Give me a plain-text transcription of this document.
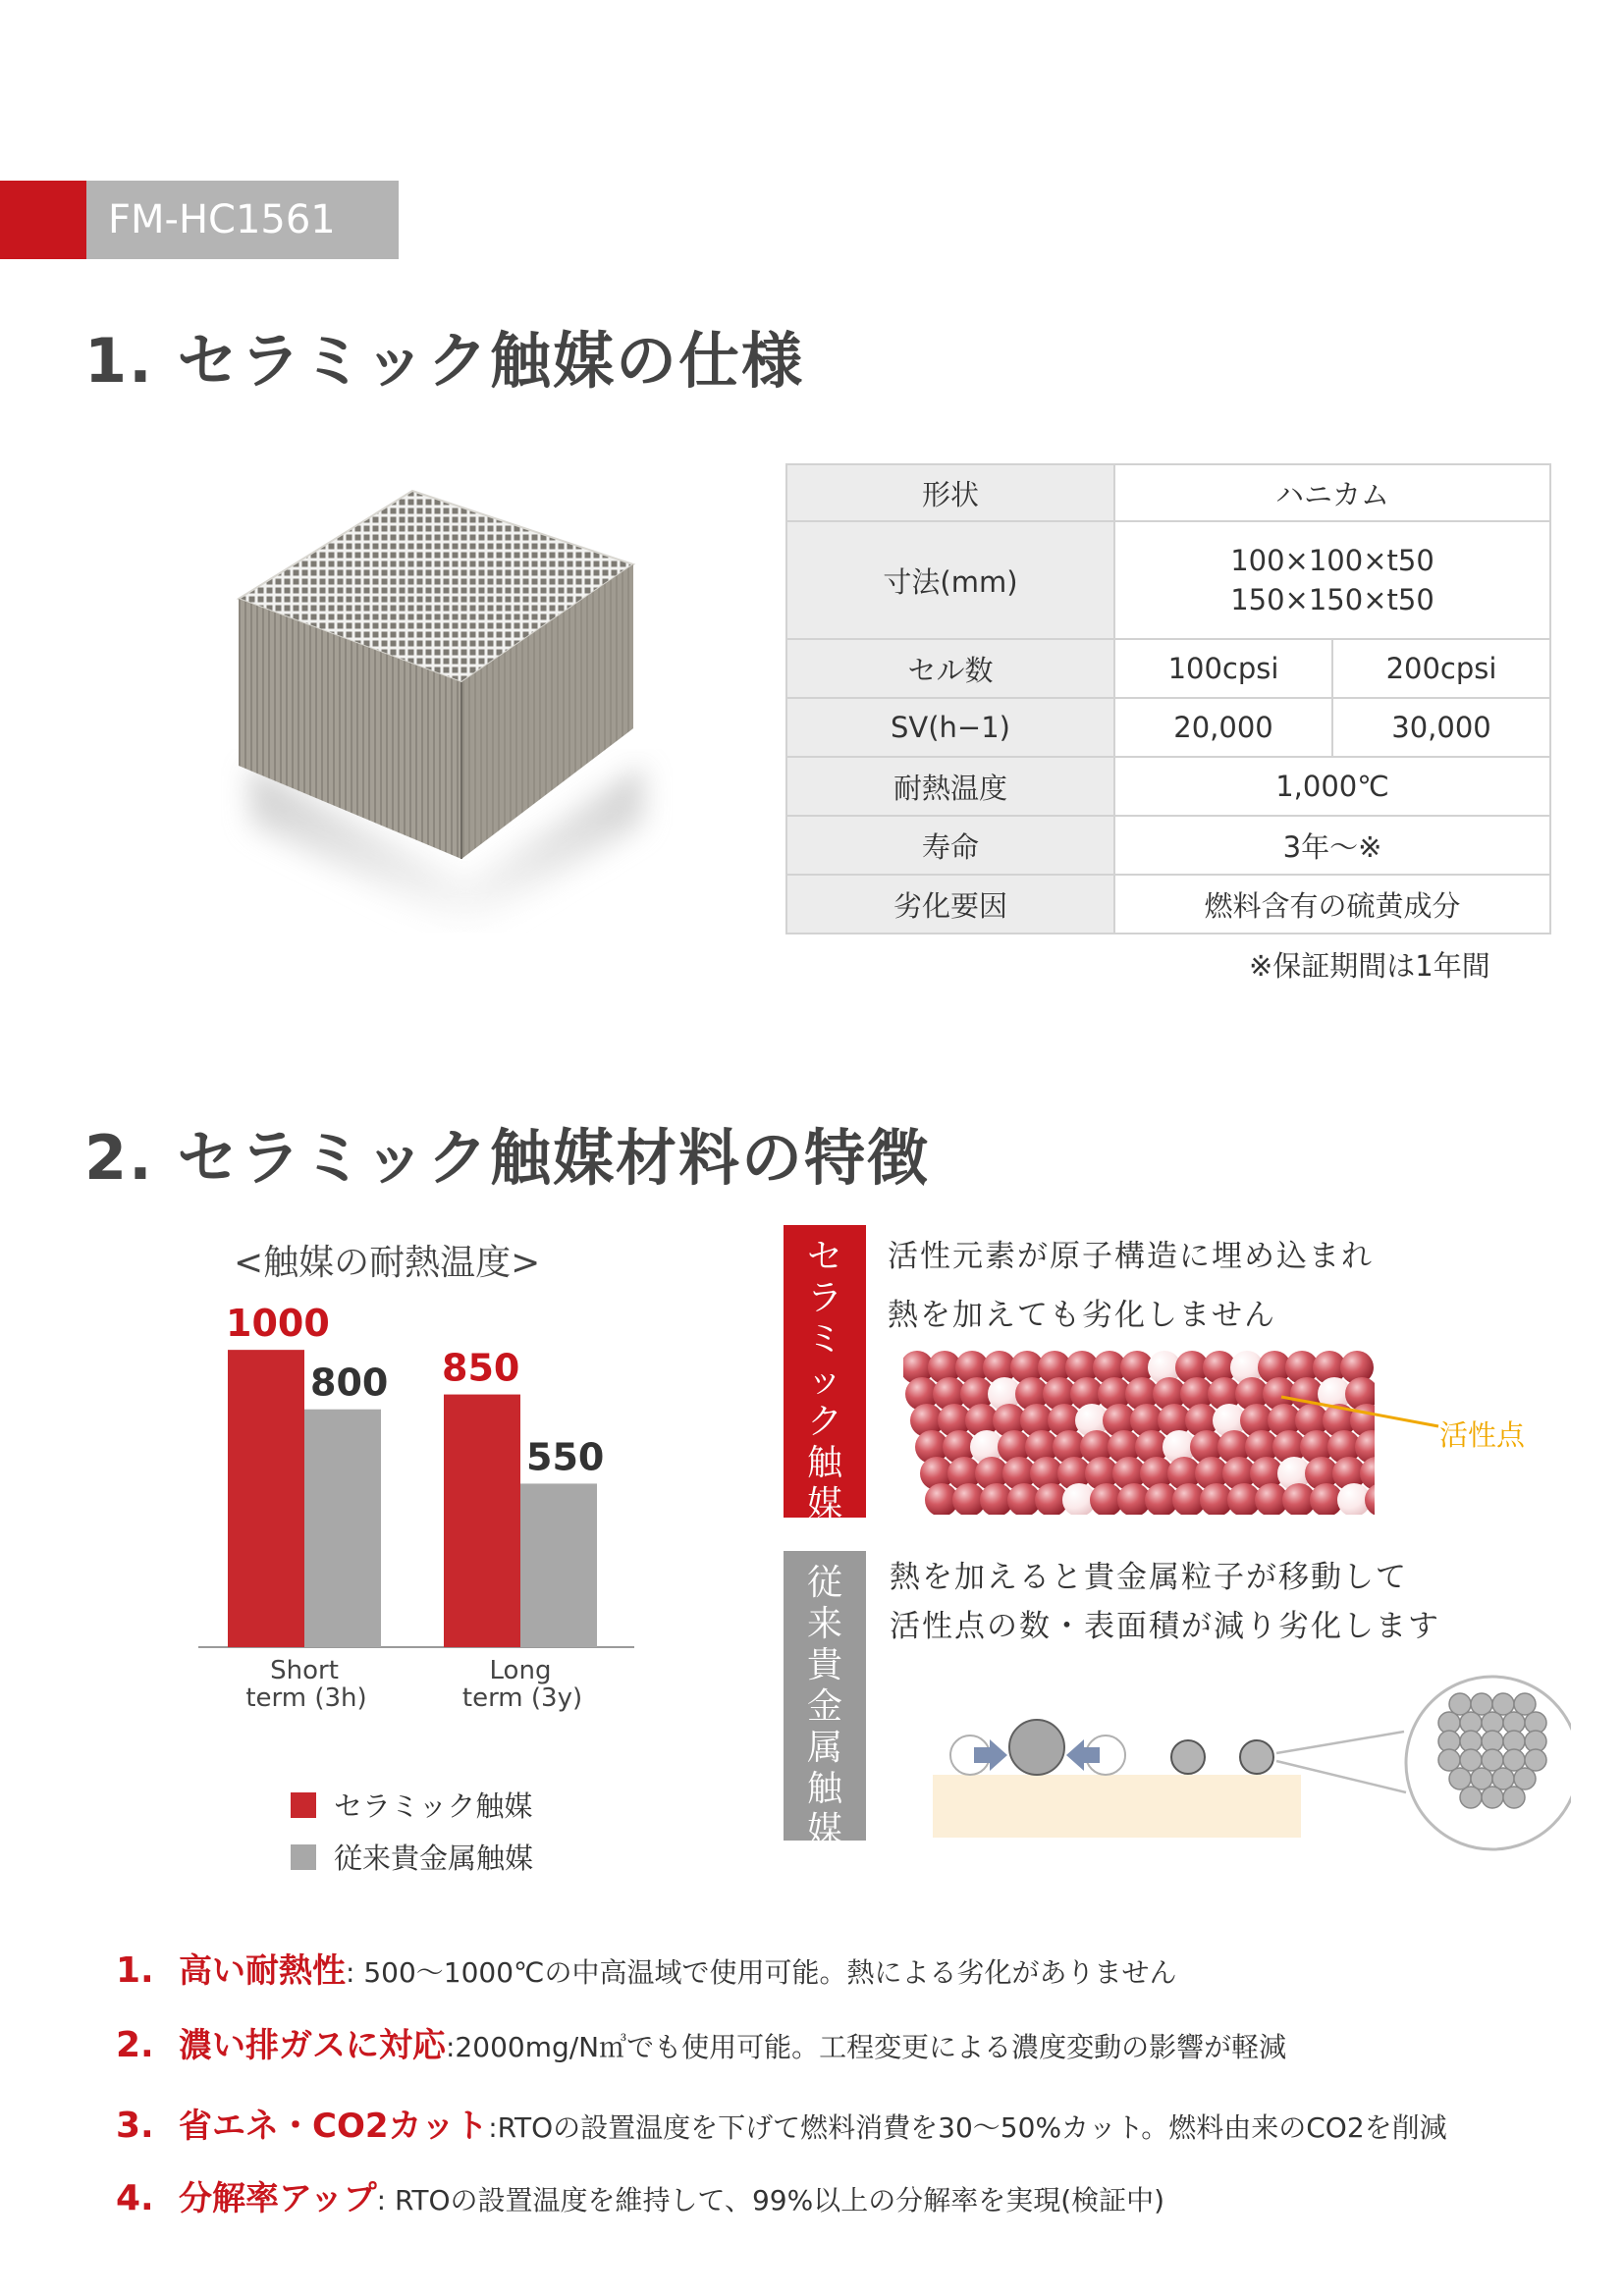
FM-HC1561
1. セラミック触媒の仕様
形状	ハニカム	
寸法(mm)	100×100×t50
150×150×t50	

セル数	100cpsi	200cpsi
SV(h−1)	20,000	30,000
耐熱温度	1,000℃	
寿命	3年〜※	
劣化要因	燃料含有の硫黄成分	
※保証期間は1年間
2. セラミック触媒材料の特徴
<触媒の耐熱温度>
1000
800
Short
term (3h)
850
550
Long
term (3y)
セラミック触媒
従来貴金属触媒
セ
ラ
ミ
ッ
ク
触
媒
活性元素が原子構造に埋め込まれ
熱を加えても劣化しません
活性点
従
来
貴
金
属
触
媒
熱を加えると貴金属粒子が移動して
活性点の数・表面積が減り劣化します
1. 高い耐熱性: 500〜1000℃の中高温域で使用可能。熱による劣化がありません
2. 濃い排ガスに対応:2000mg/N㎥でも使用可能。工程変更による濃度変動の影響が軽減
3. 省エネ・CO2カット:RTOの設置温度を下げて燃料消費を30〜50%カット。燃料由来のCO2を削減
4. 分解率アップ: RTOの設置温度を維持して、99%以上の分解率を実現(検証中)
